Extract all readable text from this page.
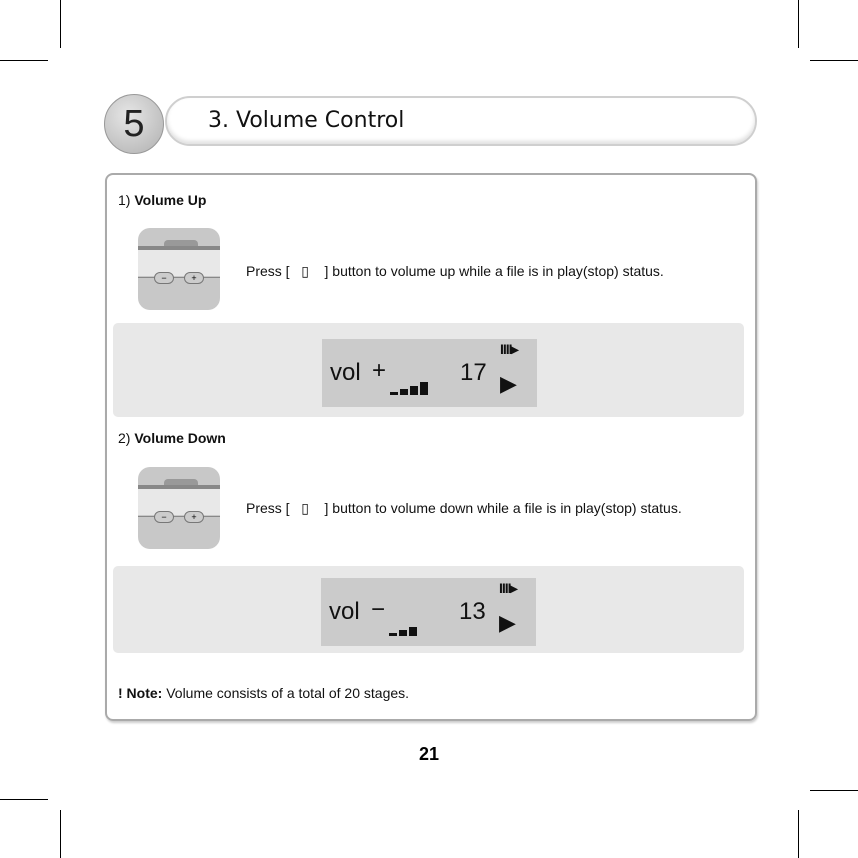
5	3. Volume Control
1) Volume Up
−	+	Press [ ▯ ] button to volume up while a file is in play(stop) status.
vol +	17
IIII▸
▶
2) Volume Down
−	+
Press [ ▯ ] button to volume down while a file is in play(stop) status.
vol −	13
IIII▸
▶
! Note: Volume consists of a total of 20 stages.
21
